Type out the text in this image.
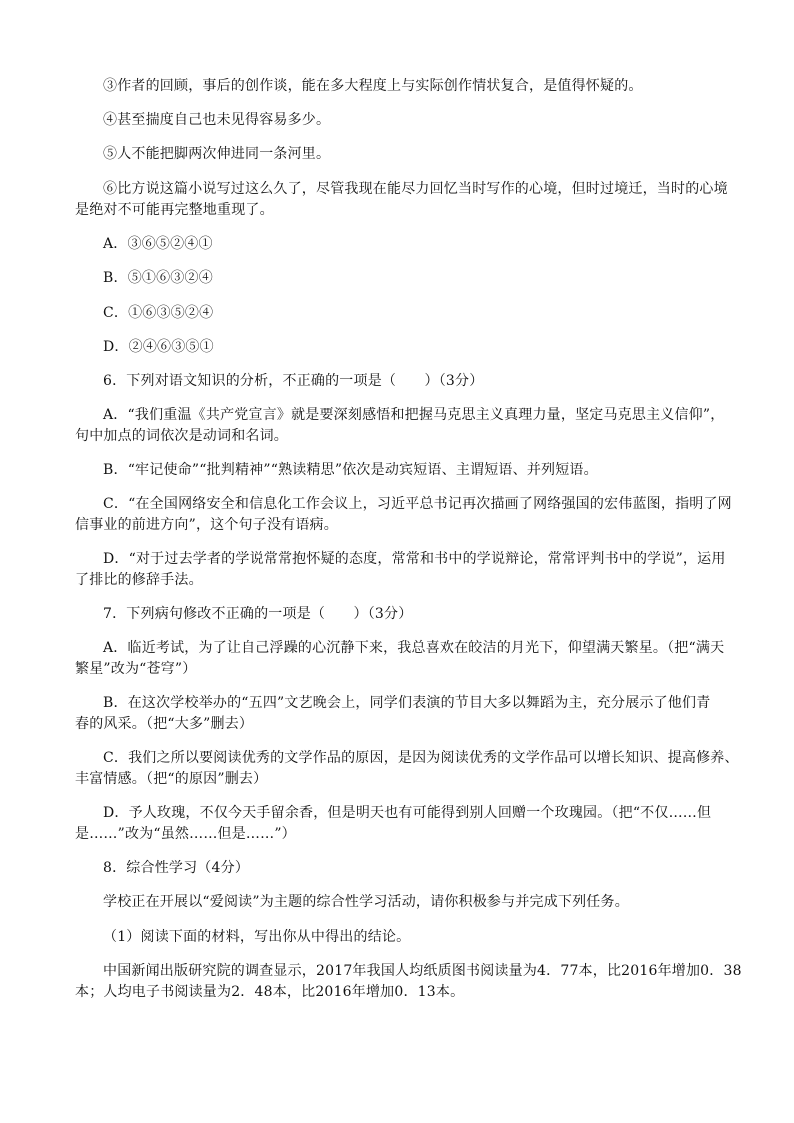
③作者的回顾，事后的创作谈，能在多大程度上与实际创作情状复合，是值得怀疑的。
④甚至揣度自己也未见得容易多少。
⑤人不能把脚两次伸进同一条河里。
⑥比方说这篇小说写过这么久了，尽管我现在能尽力回忆当时写作的心境，但时过境迁，当时的心境
是绝对不可能再完整地重现了。
A．③⑥⑤②④①
B．⑤①⑥③②④
C．①⑥③⑤②④
D．②④⑥③⑤①
6．下列对语文知识的分析，不正确的一项是（　　）（3分）
A．“我们重温《共产党宣言》就是要深刻感悟和把握马克思主义真理力量，坚定马克思主义信仰”，
句中加点的词依次是动词和名词。
B．“牢记使命”“批判精神”“熟读精思”依次是动宾短语、主谓短语、并列短语。
C．“在全国网络安全和信息化工作会议上，习近平总书记再次描画了网络强国的宏伟蓝图，指明了网
信事业的前进方向”，这个句子没有语病。
D．“对于过去学者的学说常常抱怀疑的态度，常常和书中的学说辩论，常常评判书中的学说”，运用
了排比的修辞手法。
7．下列病句修改不正确的一项是（　　）（3分）
A．临近考试，为了让自己浮躁的心沉静下来，我总喜欢在皎洁的月光下，仰望满天繁星。（把“满天
繁星”改为“苍穹”）
B．在这次学校举办的“五四”文艺晚会上，同学们表演的节目大多以舞蹈为主，充分展示了他们青
春的风采。（把“大多”删去）
C．我们之所以要阅读优秀的文学作品的原因，是因为阅读优秀的文学作品可以增长知识、提高修养、
丰富情感。（把“的原因”删去）
D．予人玫瑰，不仅今天手留余香，但是明天也有可能得到别人回赠一个玫瑰园。（把“不仅……但
是……”改为“虽然……但是……”）
8．综合性学习（4分）
学校正在开展以“爱阅读”为主题的综合性学习活动，请你积极参与并完成下列任务。
（1）阅读下面的材料，写出你从中得出的结论。
中国新闻出版研究院的调查显示，2017年我国人均纸质图书阅读量为4．77本，比2016年增加0．38
本；人均电子书阅读量为2．48本，比2016年增加0．13本。
